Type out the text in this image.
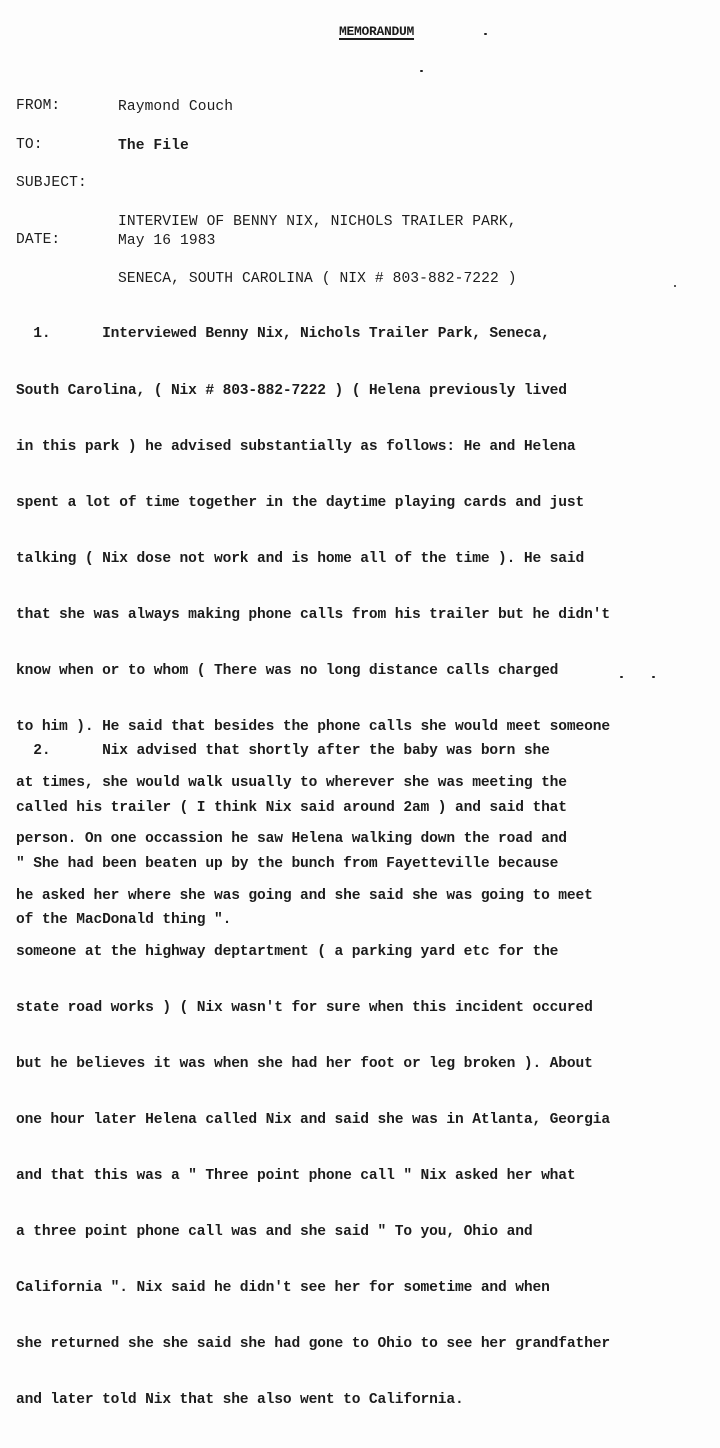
MEMORANDUM
FROM:	Raymond Couch
TO:	The File
SUBJECT:

INTERVIEW OF BENNY NIX, NICHOLS TRAILER PARK,

SENECA, SOUTH CAROLINA ( NIX # 803-882-7222 )

DATE:	May 16 1983

1.      Interviewed Benny Nix, Nichols Trailer Park, Seneca,

South Carolina, ( Nix # 803-882-7222 ) ( Helena previously lived

in this park ) he advised substantially as follows: He and Helena

spent a lot of time together in the daytime playing cards and just

talking ( Nix dose not work and is home all of the time ). He said

that she was always making phone calls from his trailer but he didn't

know when or to whom ( There was no long distance calls charged

to him ). He said that besides the phone calls she would meet someone

at times, she would walk usually to wherever she was meeting the

person. On one occassion he saw Helena walking down the road and

he asked her where she was going and she said she was going to meet

someone at the highway deptartment ( a parking yard etc for the

state road works ) ( Nix wasn't for sure when this incident occured

but he believes it was when she had her foot or leg broken ). About

one hour later Helena called Nix and said she was in Atlanta, Georgia

and that this was a " Three point phone call " Nix asked her what

a three point phone call was and she said " To you, Ohio and

California ". Nix said he didn't see her for sometime and when

she returned she she said she had gone to Ohio to see her grandfather

and later told Nix that she also went to California.

2.      Nix advised that shortly after the baby was born she

called his trailer ( I think Nix said around 2am ) and said that

" She had been beaten up by the bunch from Fayetteville because

of the MacDonald thing ".
